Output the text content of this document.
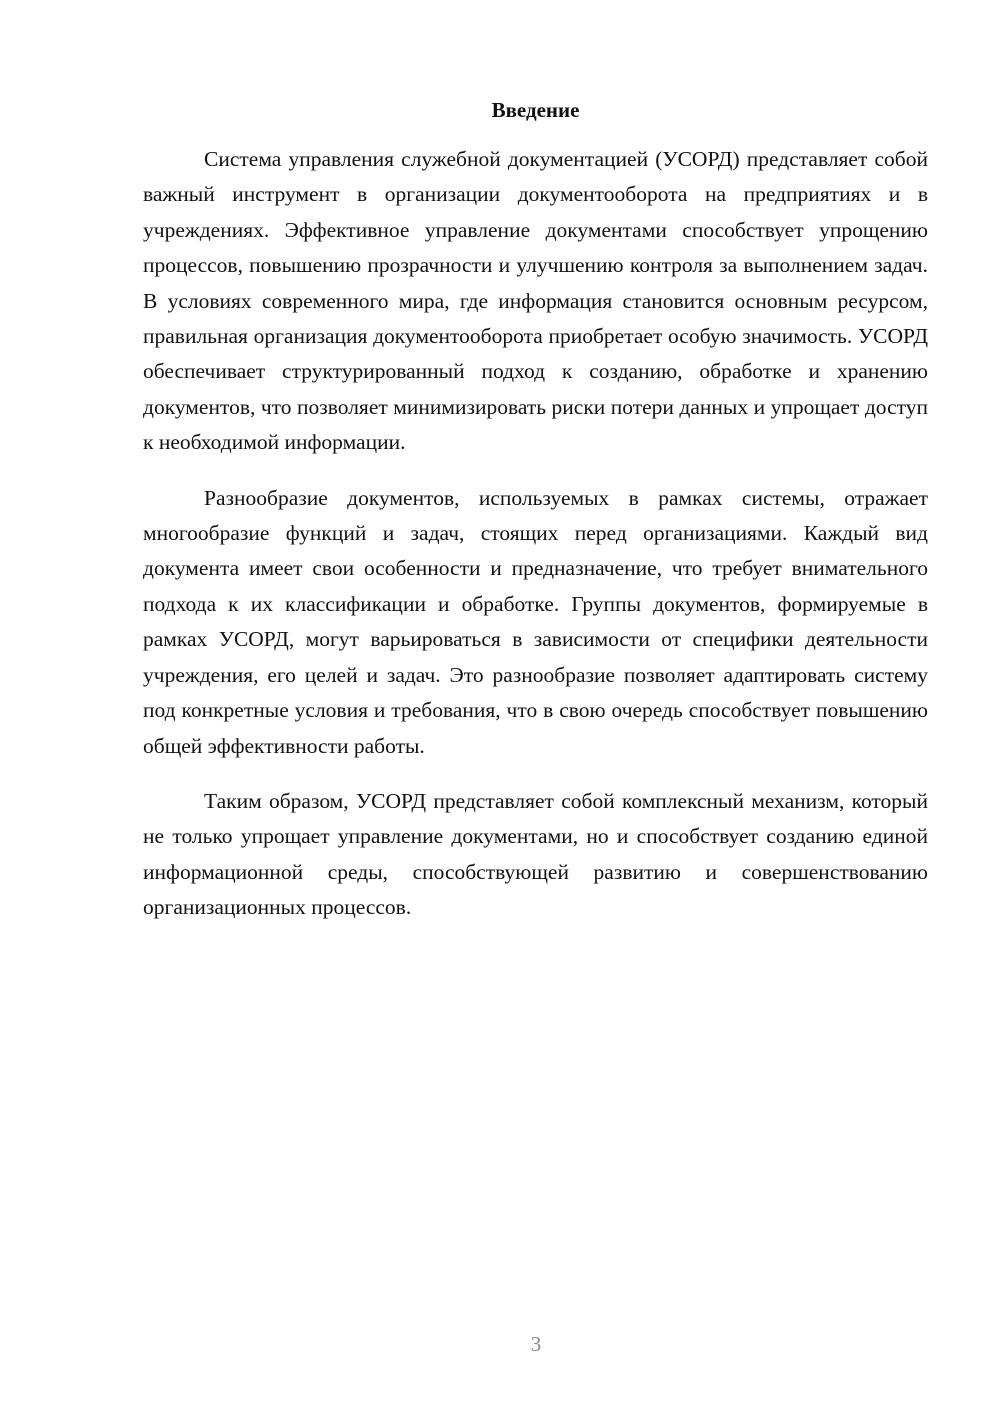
Введение

Система управления служебной документацией (УСОРД) представляет собой важный инструмент в организации документооборота на предприятиях и в учреждениях. Эффективное управление документами способствует упрощению процессов, повышению прозрачности и улучшению контроля за выполнением задач. В условиях современного мира, где информация становится основным ресурсом, правильная организация документооборота приобретает особую значимость. УСОРД обеспечивает структурированный подход к созданию, обработке и хранению документов, что позволяет минимизировать риски потери данных и упрощает доступ к необходимой информации.

Разнообразие документов, используемых в рамках системы, отражает многообразие функций и задач, стоящих перед организациями. Каждый вид документа имеет свои особенности и предназначение, что требует внимательного подхода к их классификации и обработке. Группы документов, формируемые в рамках УСОРД, могут варьироваться в зависимости от специфики деятельности учреждения, его целей и задач. Это разнообразие позволяет адаптировать систему под конкретные условия и требования, что в свою очередь способствует повышению общей эффективности работы.

Таким образом, УСОРД представляет собой комплексный механизм, который не только упрощает управление документами, но и способствует созданию единой информационной среды, способствующей развитию и совершенствованию организационных процессов.

3
